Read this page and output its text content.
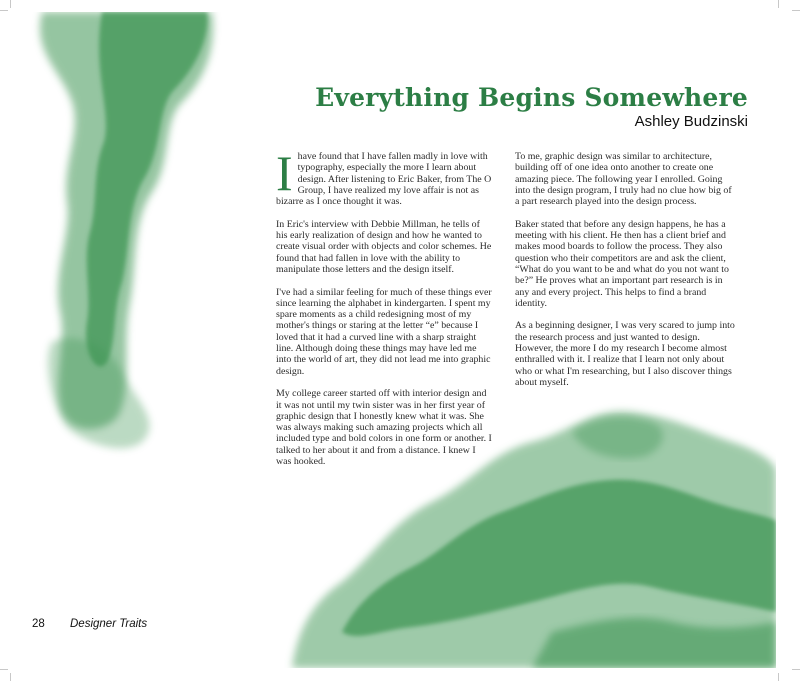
Everything Begins Somewhere
Ashley Budzinski

Ihave found that I have fallen madly in love with typography, especially the more I learn about design. After listening to Eric Baker, from The O Group, I have realized my love affair is not as bizarre as I once thought it was.

In Eric's interview with Debbie Millman, he tells of his early realization of design and how he wanted to create visual order with objects and color schemes. He found that had fallen in love with the ability to manipulate those letters and the design itself.

I've had a similar feeling for much of these things ever since learning the alphabet in kindergarten. I spent my spare moments as a child redesigning most of my mother's things or staring at the letter “e” because I loved that it had a curved line with a sharp straight line. Although doing these things may have led me into the world of art, they did not lead me into graphic design.

My college career started off with interior design and it was not until my twin sister was in her first year of graphic design that I honestly knew what it was. She was always making such amazing projects which all included type and bold colors in one form or another. I talked to her about it and from a distance. I knew I was hooked.

To me, graphic design was similar to architecture, building off of one idea onto another to create one amazing piece. The following year I enrolled. Going into the design program, I truly had no clue how big of a part research played into the design process.

Baker stated that before any design happens, he has a meeting with his client. He then has a client brief and makes mood boards to follow the process. They also question who their competitors are and ask the client, “What do you want to be and what do you not want to be?” He proves what an important part research is in any and every project. This helps to find a brand identity.

As a beginning designer, I was very scared to jump into the research process and just wanted to design. However, the more I do my research I become almost enthralled with it. I realize that I learn not only about who or what I'm researching, but I also discover things about myself.

28 Designer Traits
